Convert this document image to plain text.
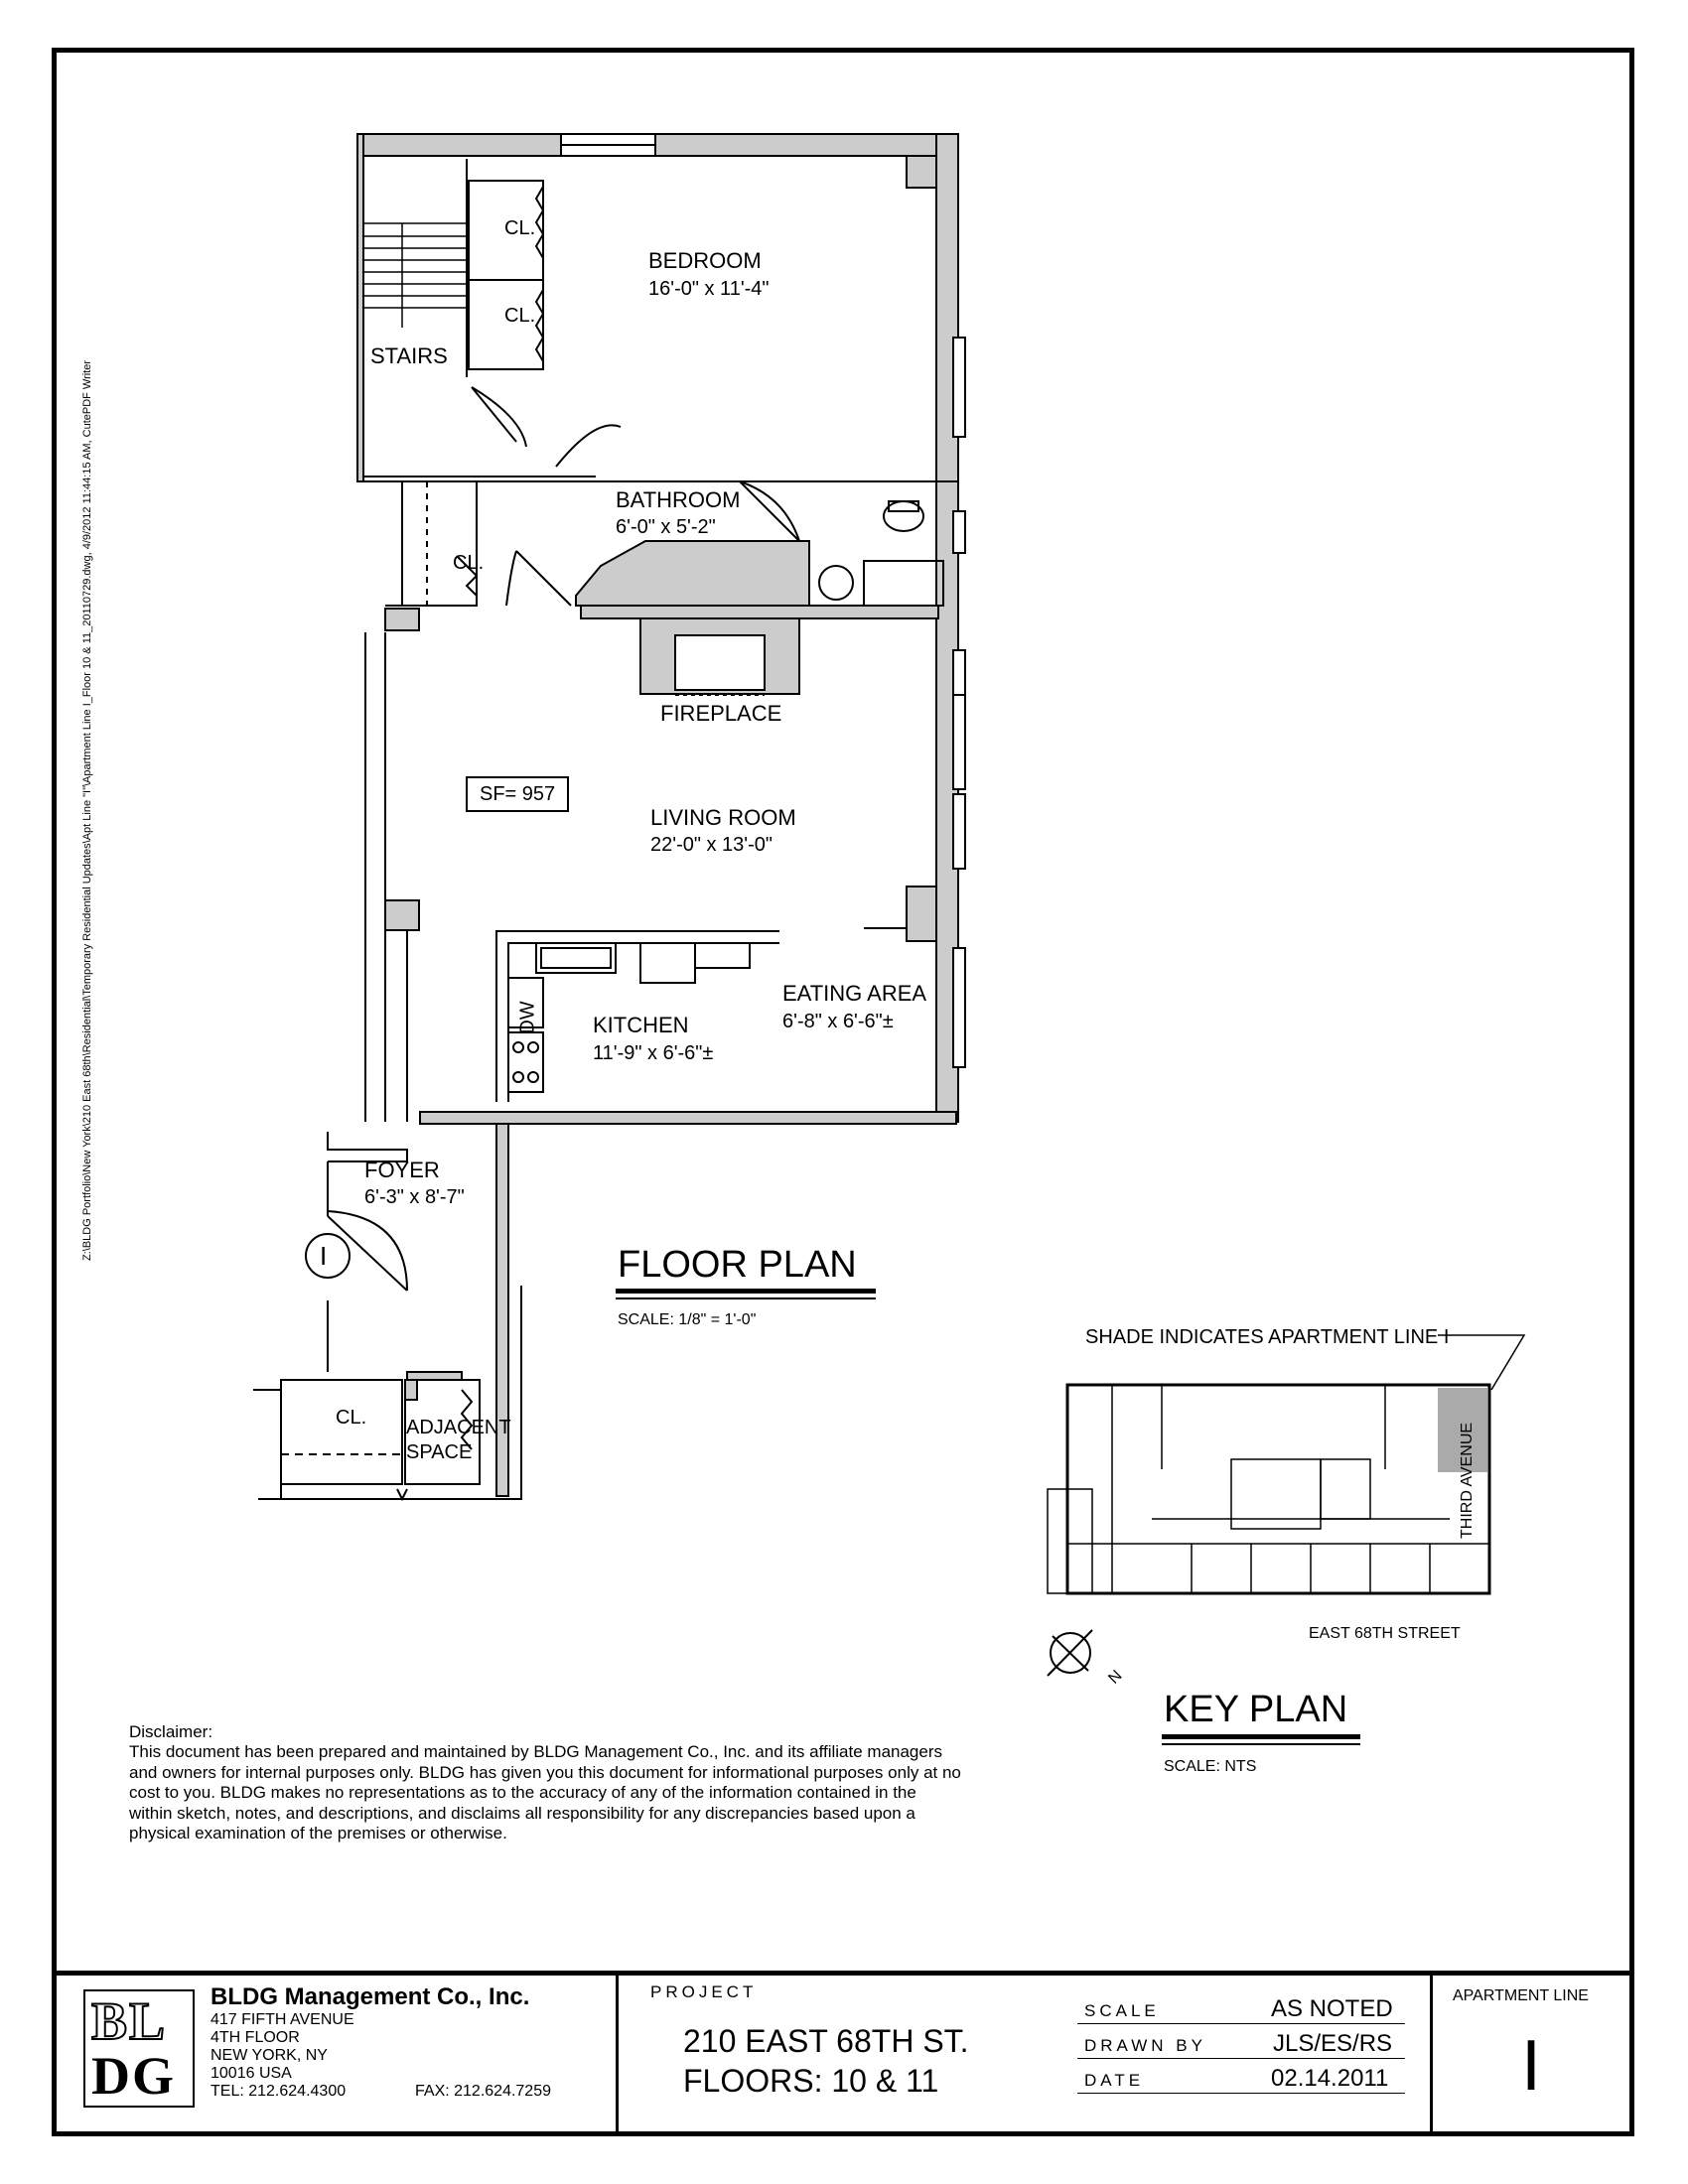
Z:\BLDG Portfolio\New York\210 East 68th\Residential\Temporary Residential Updates\Apt Line "I"\Apartment Line I_Floor 10 & 11_20110729.dwg, 4/9/2012 11:44:15 AM, CutePDF Writer
BEDROOM
16'-0" x 11'-4"
CL.
CL.
STAIRS
BATHROOM
6'-0" x 5'-2"
CL.
FIREPLACE
SF= 957
LIVING ROOM
22'-0" x 13'-0"
DW KITCHEN
11'-9" x 6'-6"±
EATING AREA
6'-8" x 6'-6"±
FOYER
6'-3" x 8'-7"
I
CL. ADJACENT
SPACE
FLOOR PLAN
SCALE: 1/8" = 1'-0"
SHADE INDICATES APARTMENT LINE I
THIRD AVENUE
EAST 68TH STREET
N
KEY PLAN
SCALE: NTS
Disclaimer:
This document has been prepared and maintained by BLDG Management Co., Inc. and its affiliate managers and owners for internal purposes only. BLDG has given you this document for informational purposes only at no cost to you. BLDG makes no representations as to the accuracy of any of the information contained in the within sketch, notes, and descriptions, and disclaims all responsibility for any discrepancies based upon a physical examination of the premises or otherwise.
BL
DG
BLDG Management Co., Inc.
417 FIFTH AVENUE
4TH FLOOR
NEW YORK, NY
10016 USA
TEL: 212.624.4300	FAX: 212.624.7259
PROJECT
210 EAST 68TH ST.
FLOORS: 10 & 11
SCALE	AS NOTED
DRAWN BY	JLS/ES/RS
DATE	02.14.2011
APARTMENT LINE
I
